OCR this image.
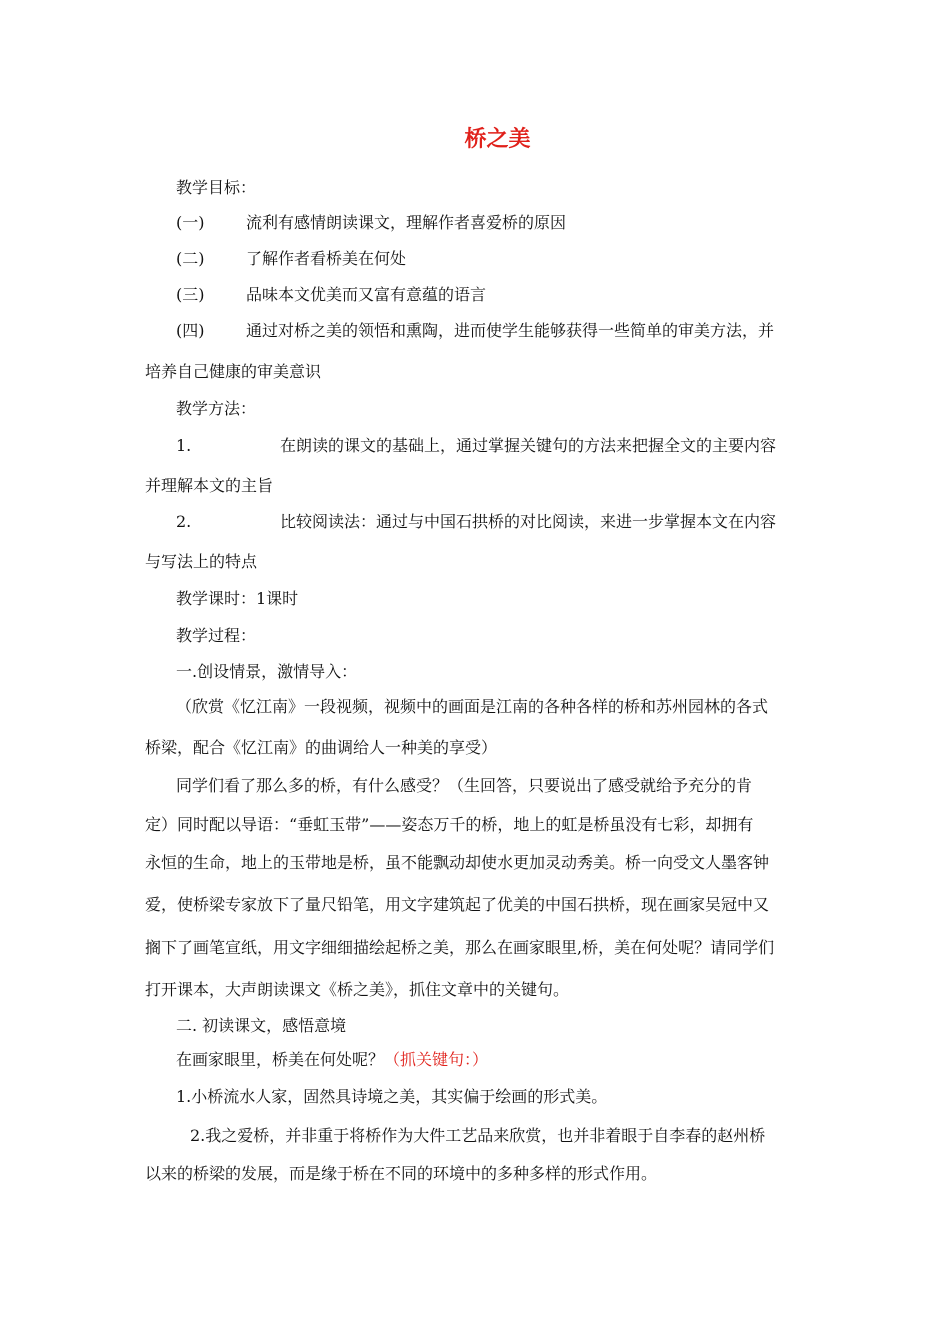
桥之美
教学目标：
(一)	流利有感情朗读课文，理解作者喜爱桥的原因
(二)	了解作者看桥美在何处
(三)	品味本文优美而又富有意蕴的语言
(四)	通过对桥之美的领悟和熏陶，进而使学生能够获得一些简单的审美方法，并
培养自己健康的审美意识
教学方法：
1.	在朗读的课文的基础上，通过掌握关键句的方法来把握全文的主要内容
并理解本文的主旨
2.	比较阅读法：通过与中国石拱桥的对比阅读，来进一步掌握本文在内容
与写法上的特点
教学课时：1课时
教学过程：
一.创设情景，激情导入：
（欣赏《忆江南》一段视频，视频中的画面是江南的各种各样的桥和苏州园林的各式
桥梁，配合《忆江南》的曲调给人一种美的享受）
同学们看了那么多的桥，有什么感受？（生回答，只要说出了感受就给予充分的肯
定）同时配以导语：“垂虹玉带”——姿态万千的桥，地上的虹是桥虽没有七彩，却拥有
永恒的生命，地上的玉带地是桥，虽不能飘动却使水更加灵动秀美。桥一向受文人墨客钟
爱，使桥梁专家放下了量尺铅笔，用文字建筑起了优美的中国石拱桥，现在画家吴冠中又
搁下了画笔宣纸，用文字细细描绘起桥之美，那么在画家眼里,桥，美在何处呢？请同学们
打开课本，大声朗读课文《桥之美》，抓住文章中的关键句。
二. 初读课文，感悟意境
在画家眼里，桥美在何处呢？（抓关键句：）
1.小桥流水人家，固然具诗境之美，其实偏于绘画的形式美。
2.我之爱桥，并非重于将桥作为大件工艺品来欣赏，也并非着眼于自李春的赵州桥
以来的桥梁的发展，而是缘于桥在不同的环境中的多种多样的形式作用。
